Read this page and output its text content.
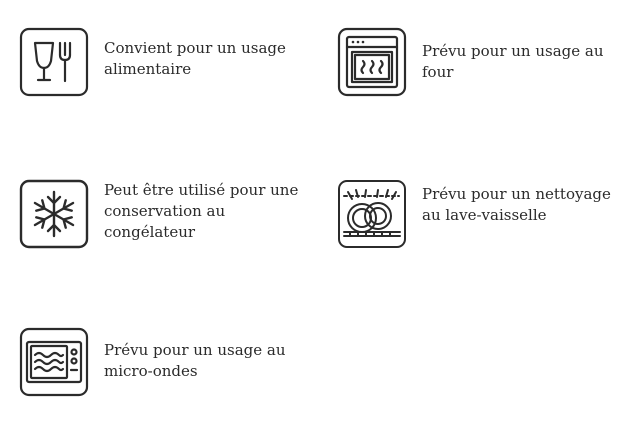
Convient pour un usage alimentaire
Prévu pour un usage au four
Peut être utilisé pour une conservation au congélateur
Prévu pour un nettoyage au lave-vaisselle
Prévu pour un usage au micro-ondes
